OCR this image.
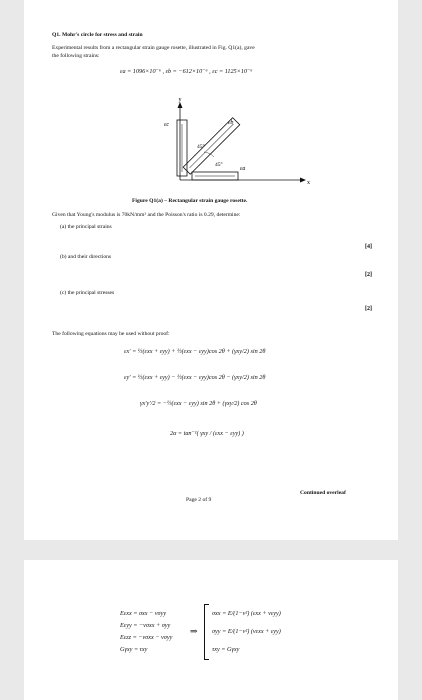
Q1. Mohr's circle for stress and strain
Experimental results from a rectangular strain gauge rosette, illustrated in Fig. Q1(a), gave
the following strains:
εa = 1096×10⁻⁶ , εb = −612×10⁻⁶ , εc = 1125×10⁻⁶
y
x
εc	εb
εa
45°
45°
Figure Q1(a) – Rectangular strain gauge rosette.
Given that Young's modulus is 70kN/mm² and the Poisson's ratio is 0.29, determine:
(a) the principal strains
[4]
(b) and their directions
[2]
(c) the principal stresses
[2]
The following equations may be used without proof:
εx′ = ½(εxx + εyy) + ½(εxx − εyy)cos 2θ + (γxy/2) sin 2θ
εy′ = ½(εxx + εyy) − ½(εxx − εyy)cos 2θ − (γxy/2) sin 2θ
γx′y′/2 = −½(εxx − εyy) sin 2θ + (γxy/2) cos 2θ
2α = tan⁻¹( γxy / (εxx − εyy) )
Page 2 of 9
Continued overleaf
Eεxx = σxx − νσyy
Eεyy = −νσxx + σyy
Eεzz = −νσxx − νσyy
Gγxy = τxy
⇒
σxx = E/(1−ν²) (εxx + νεyy)
σyy = E/(1−ν²) (νεxx + εyy)
τxy = Gγxy
